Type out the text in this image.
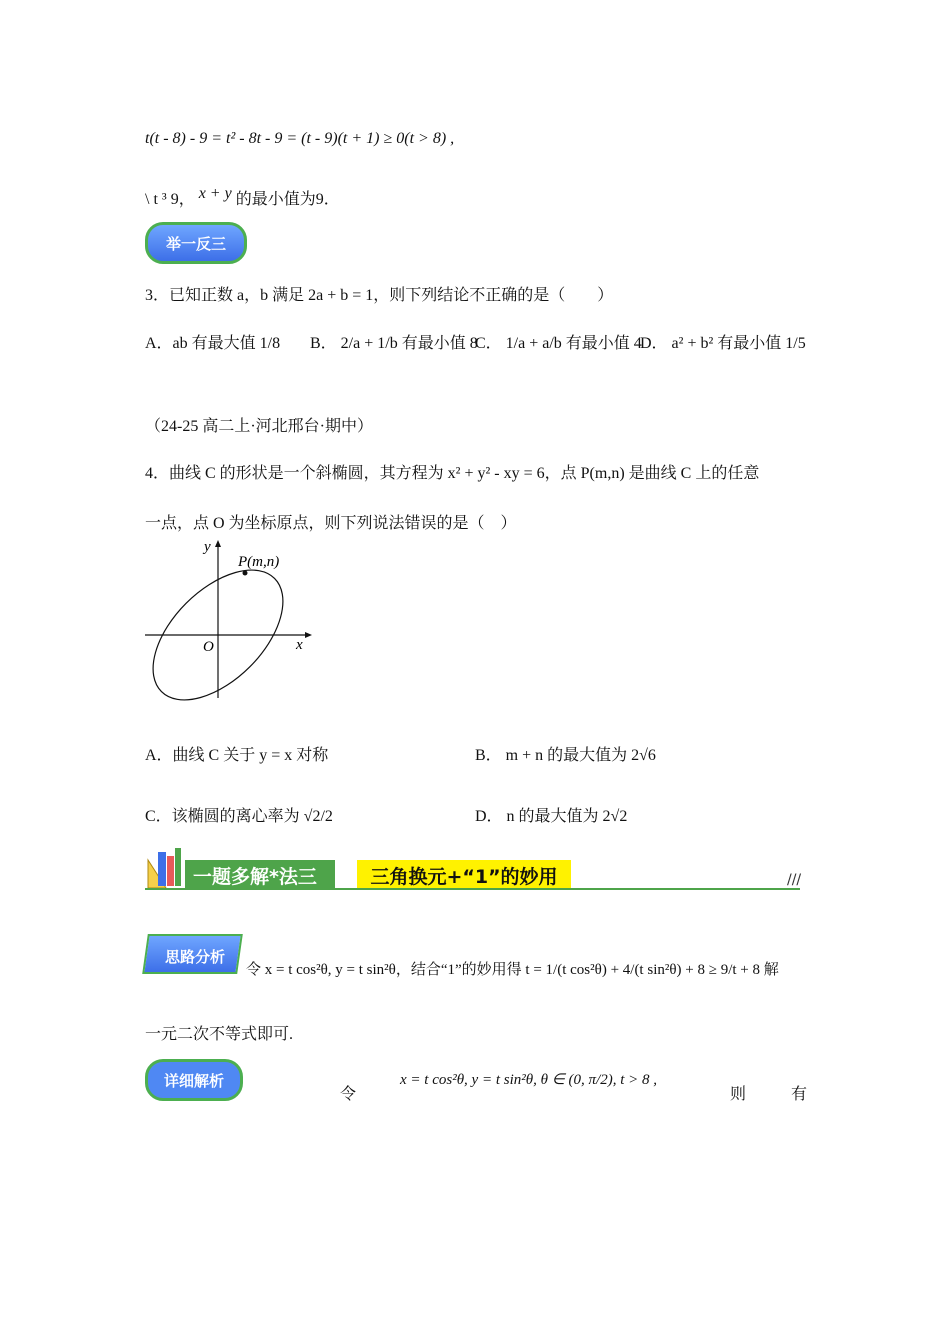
t(t - 8) - 9 = t² - 8t - 9 = (t - 9)(t + 1) ≥ 0(t > 8) ,
\ t ³ 9， x + y 的最小值为9．
举一反三
3．已知正数 a，b 满足 2a + b = 1，则下列结论不正确的是（　　）
A．ab 有最大值 1/8 B． 2/a + 1/b 有最小值 8
C． 1/a + a/b 有最小值 4
D． a² + b² 有最小值 1/5
（24-25 高二上·河北邢台·期中）
4．曲线 C 的形状是一个斜椭圆，其方程为 x² + y² - xy = 6，点 P(m,n) 是曲线 C 上的任意
一点，点 O 为坐标原点，则下列说法错误的是（　）
y
x
O
P(m,n)
A．曲线 C 关于 y = x 对称	B． m + n 的最大值为 2√6
C．该椭圆的离心率为 √2/2	D． n 的最大值为 2√2
一题多解*法三	三角换元+“1”的妙用	///
思路分析
令 x = t cos²θ, y = t sin²θ，结合“1”的妙用得 t = 1/(t cos²θ) + 4/(t sin²θ) + 8 ≥ 9/t + 8 解
一元二次不等式即可.
详细解析
令
x = t cos²θ, y = t sin²θ, θ ∈ (0, π/2), t > 8 ,
则	有
